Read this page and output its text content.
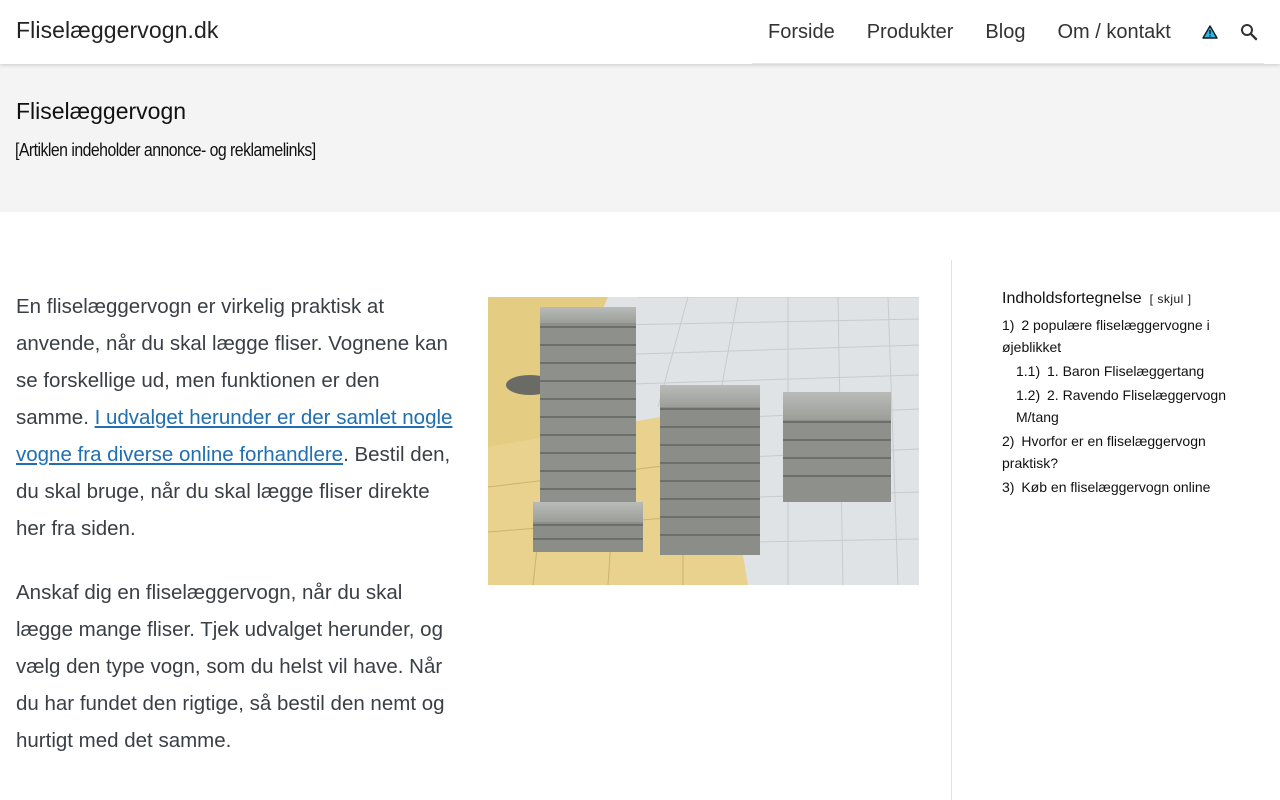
Fliselæggervogn.dk	Forside	Produkter	Blog	Om / kontakt
Fliselæggervogn

[Artiklen indeholder annonce- og reklamelinks]

En fliselæggervogn er virkelig praktisk at anvende, når du skal lægge fliser. Vognene kan se forskellige ud, men funktionen er den samme. I udvalget herunder er der samlet nogle vogne fra diverse online forhandlere. Bestil den, du skal bruge, når du skal lægge fliser direkte her fra siden.

Anskaf dig en fliselæggervogn, når du skal lægge mange fliser. Tjek udvalget herunder, og vælg den type vogn, som du helst vil have. Når du har fundet den rigtige, så bestil den nemt og hurtigt med det samme.

Indholdsfortegnelse [ skjul ]
1) 2 populære fliselæggervogne i øjeblikket
1.1) 1. Baron Fliselæggertang
1.2) 2. Ravendo Fliselæggervogn M/tang
2) Hvorfor er en fliselæggervogn praktisk?
3) Køb en fliselæggervogn online
